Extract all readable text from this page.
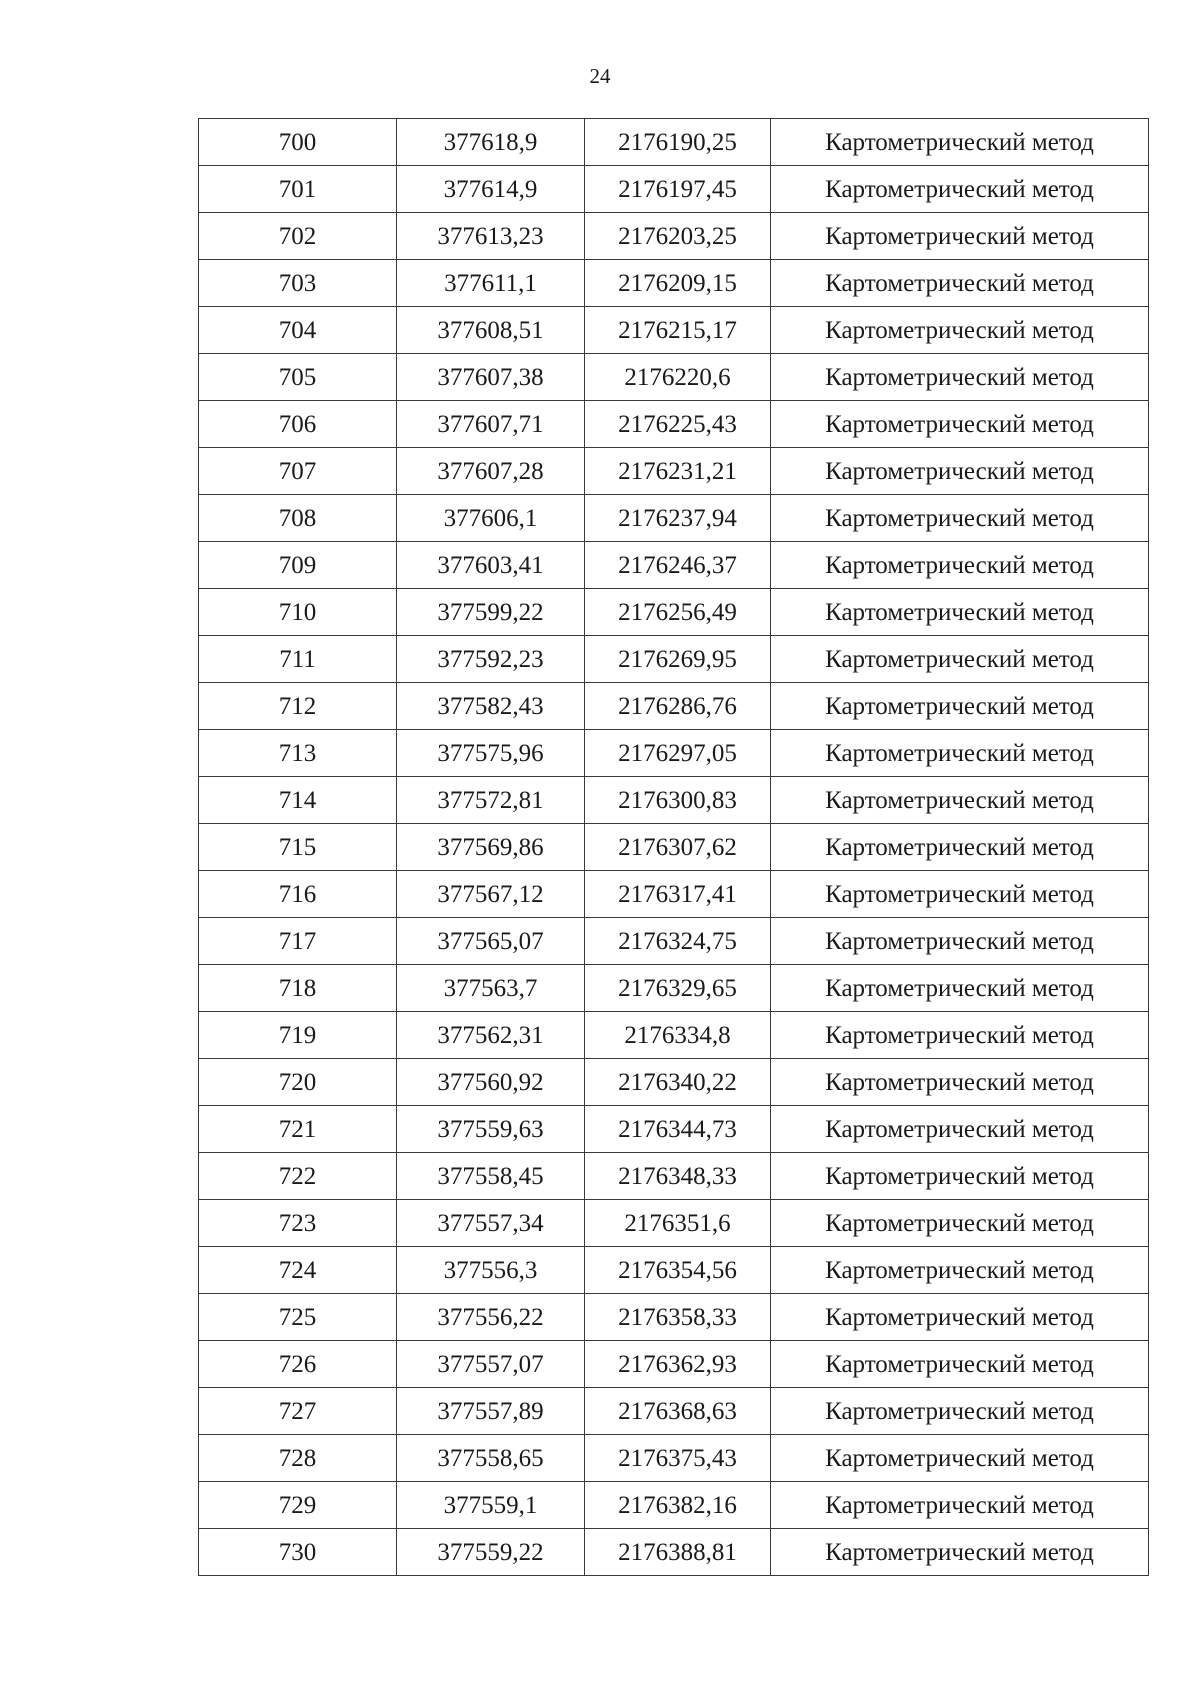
24
700	377618,9	2176190,25	Картометрический метод
701	377614,9	2176197,45	Картометрический метод
702	377613,23	2176203,25	Картометрический метод
703	377611,1	2176209,15	Картометрический метод
704	377608,51	2176215,17	Картометрический метод
705	377607,38	2176220,6	Картометрический метод
706	377607,71	2176225,43	Картометрический метод
707	377607,28	2176231,21	Картометрический метод
708	377606,1	2176237,94	Картометрический метод
709	377603,41	2176246,37	Картометрический метод
710	377599,22	2176256,49	Картометрический метод
711	377592,23	2176269,95	Картометрический метод
712	377582,43	2176286,76	Картометрический метод
713	377575,96	2176297,05	Картометрический метод
714	377572,81	2176300,83	Картометрический метод
715	377569,86	2176307,62	Картометрический метод
716	377567,12	2176317,41	Картометрический метод
717	377565,07	2176324,75	Картометрический метод
718	377563,7	2176329,65	Картометрический метод
719	377562,31	2176334,8	Картометрический метод
720	377560,92	2176340,22	Картометрический метод
721	377559,63	2176344,73	Картометрический метод
722	377558,45	2176348,33	Картометрический метод
723	377557,34	2176351,6	Картометрический метод
724	377556,3	2176354,56	Картометрический метод
725	377556,22	2176358,33	Картометрический метод
726	377557,07	2176362,93	Картометрический метод
727	377557,89	2176368,63	Картометрический метод
728	377558,65	2176375,43	Картометрический метод
729	377559,1	2176382,16	Картометрический метод
730	377559,22	2176388,81	Картометрический метод
